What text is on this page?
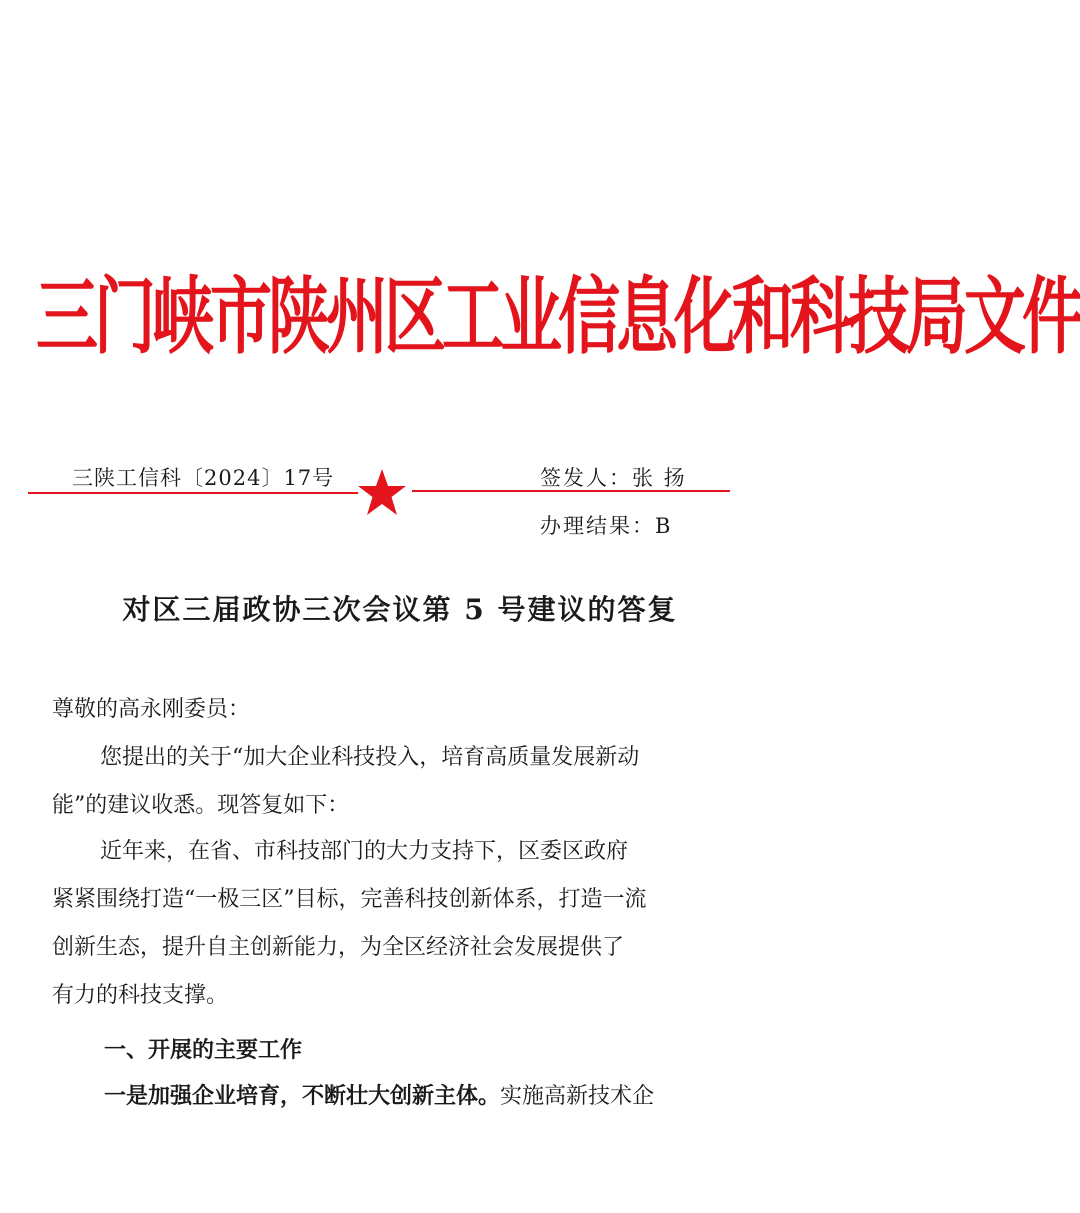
三门峡市陕州区工业信息化和科技局文件
三陕工信科〔2024〕17号	签发人：张 扬
办理结果：B
对区三届政协三次会议第 5 号建议的答复
尊敬的高永刚委员：
您提出的关于“加大企业科技投入，培育高质量发展新动
能”的建议收悉。现答复如下：
近年来，在省、市科技部门的大力支持下，区委区政府
紧紧围绕打造“一极三区”目标，完善科技创新体系，打造一流
创新生态，提升自主创新能力，为全区经济社会发展提供了
有力的科技支撑。
一、开展的主要工作
一是加强企业培育，不断壮大创新主体。实施高新技术企
